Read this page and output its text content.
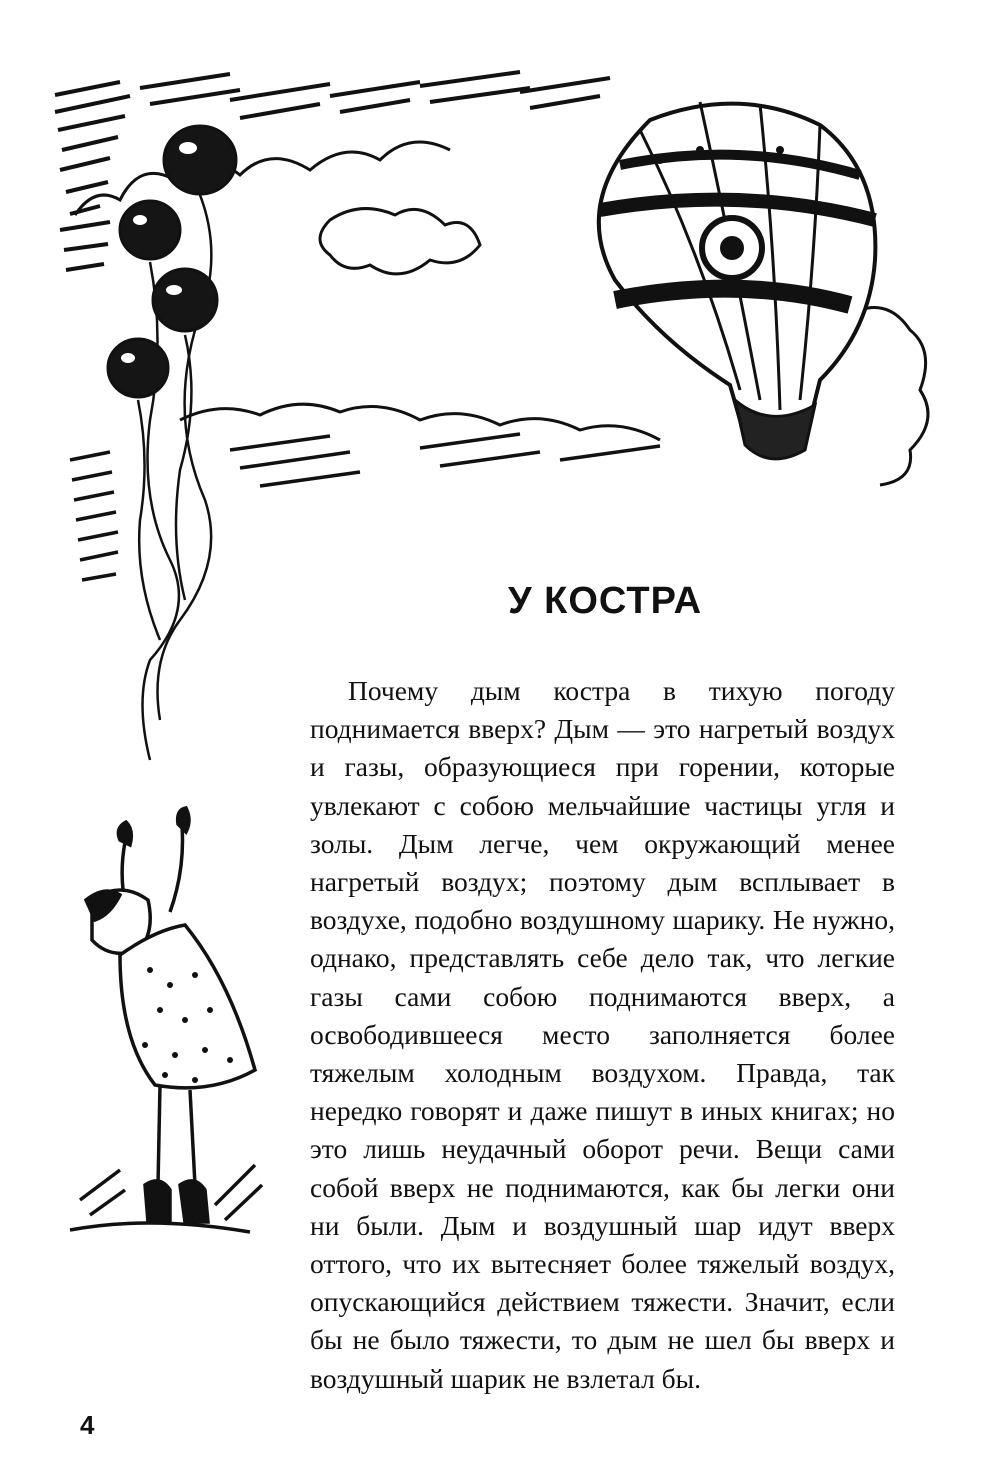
У КОСТРА

Почему дым костра в тихую погоду поднимается вверх? Дым — это нагретый воздух и газы, образующиеся при горении, которые увлекают с собою мельчайшие частицы угля и золы. Дым легче, чем окружающий менее нагретый воздух; поэтому дым всплывает в воздухе, подобно воздушному шарику. Не нужно, однако, представлять себе дело так, что легкие газы сами собою поднимаются вверх, а освободившееся место заполняется более тяжелым холодным воздухом. Правда, так нередко говорят и даже пишут в иных книгах; но это лишь неудачный оборот речи. Вещи сами собой вверх не поднимаются, как бы легки они ни были. Дым и воздушный шар идут вверх оттого, что их вытесняет более тяжелый воздух, опускающийся действием тяжести. Значит, если бы не было тяжести, то дым не шел бы вверх и воздушный шарик не взлетал бы.

4
